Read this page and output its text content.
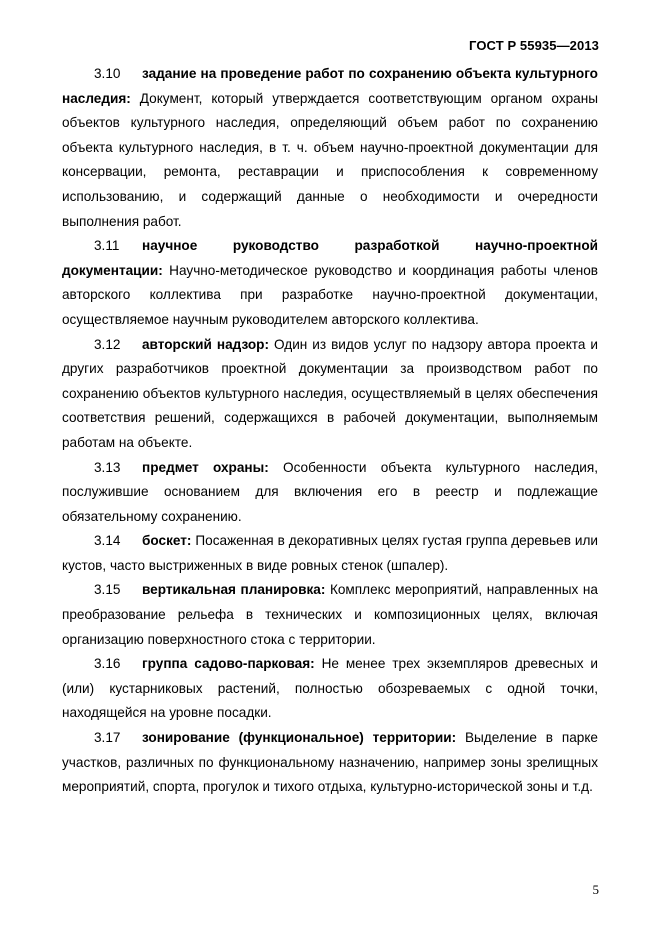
ГОСТ Р 55935—2013

3.10 задание на проведение работ по сохранению объекта культурного наследия: Документ, который утверждается соответствующим органом охраны объектов культурного наследия, определяющий объем работ по сохранению объекта культурного наследия, в т. ч. объем научно-проектной документации для консервации, ремонта, реставрации и приспособления к современному использованию, и содержащий данные о необходимости и очередности выполнения работ.

3.11 научное руководство разработкой научно-проектной документации: Научно-методическое руководство и координация работы членов авторского коллектива при разработке научно-проектной документации, осуществляемое научным руководителем авторского коллектива.

3.12 авторский надзор: Один из видов услуг по надзору автора проекта и других разработчиков проектной документации за производством работ по сохранению объектов культурного наследия, осуществляемый в целях обеспечения соответствия решений, содержащихся в рабочей документации, выполняемым работам на объекте.

3.13 предмет охраны: Особенности объекта культурного наследия, послужившие основанием для включения его в реестр и подлежащие обязательному сохранению.

3.14 боскет: Посаженная в декоративных целях густая группа деревьев или кустов, часто выстриженных в виде ровных стенок (шпалер).

3.15 вертикальная планировка: Комплекс мероприятий, направленных на преобразование рельефа в технических и композиционных целях, включая организацию поверхностного стока с территории.

3.16 группа садово-парковая: Не менее трех экземпляров древесных и (или) кустарниковых растений, полностью обозреваемых с одной точки, находящейся на уровне посадки.

3.17 зонирование (функциональное) территории: Выделение в парке участков, различных по функциональному назначению, например зоны зрелищных мероприятий, спорта, прогулок и тихого отдыха, культурно-исторической зоны и т.д.

5
